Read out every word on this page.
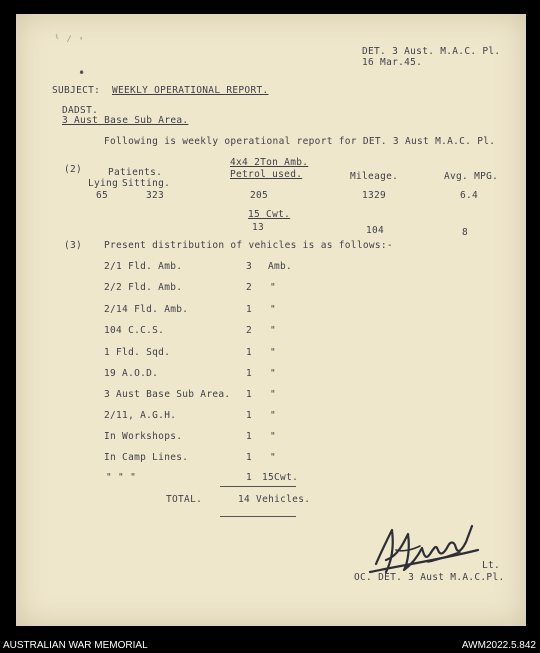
ˡ ⁄ ˒
•
DET. 3 Aust. M.A.C. Pl.
16 Mar.45.
SUBJECT: WEEKLY OPERATIONAL REPORT.
DADST.
3 Aust Base Sub Area.
Following is weekly operational report for DET. 3 Aust M.A.C. Pl.
(2)
4x4 2Ton Amb.
Patients.	Petrol used.	Mileage.	Avg. MPG.
Lying Sitting.
65	323	205	1329	6.4
15 Cwt.
13	104	8
(3) Present distribution of vehicles is as follows:-
2/1 Fld. Amb.	3 Amb.
2/2 Fld. Amb.	2 "
2/14 Fld. Amb.	1 "
104 C.C.S.	2 "
1 Fld. Sqd.	1 "
19 A.O.D.	1 "
3 Aust Base Sub Area. 1 "
2/11, A.G.H.	1 "
In Workshops.	1 "
In Camp Lines.	1 "
" " "	1 15Cwt.
TOTAL.	14 Vehicles.
Lt.
OC. DET. 3 Aust M.A.C.Pl.
AUSTRALIAN WAR MEMORIAL	AWM2022.5.842
